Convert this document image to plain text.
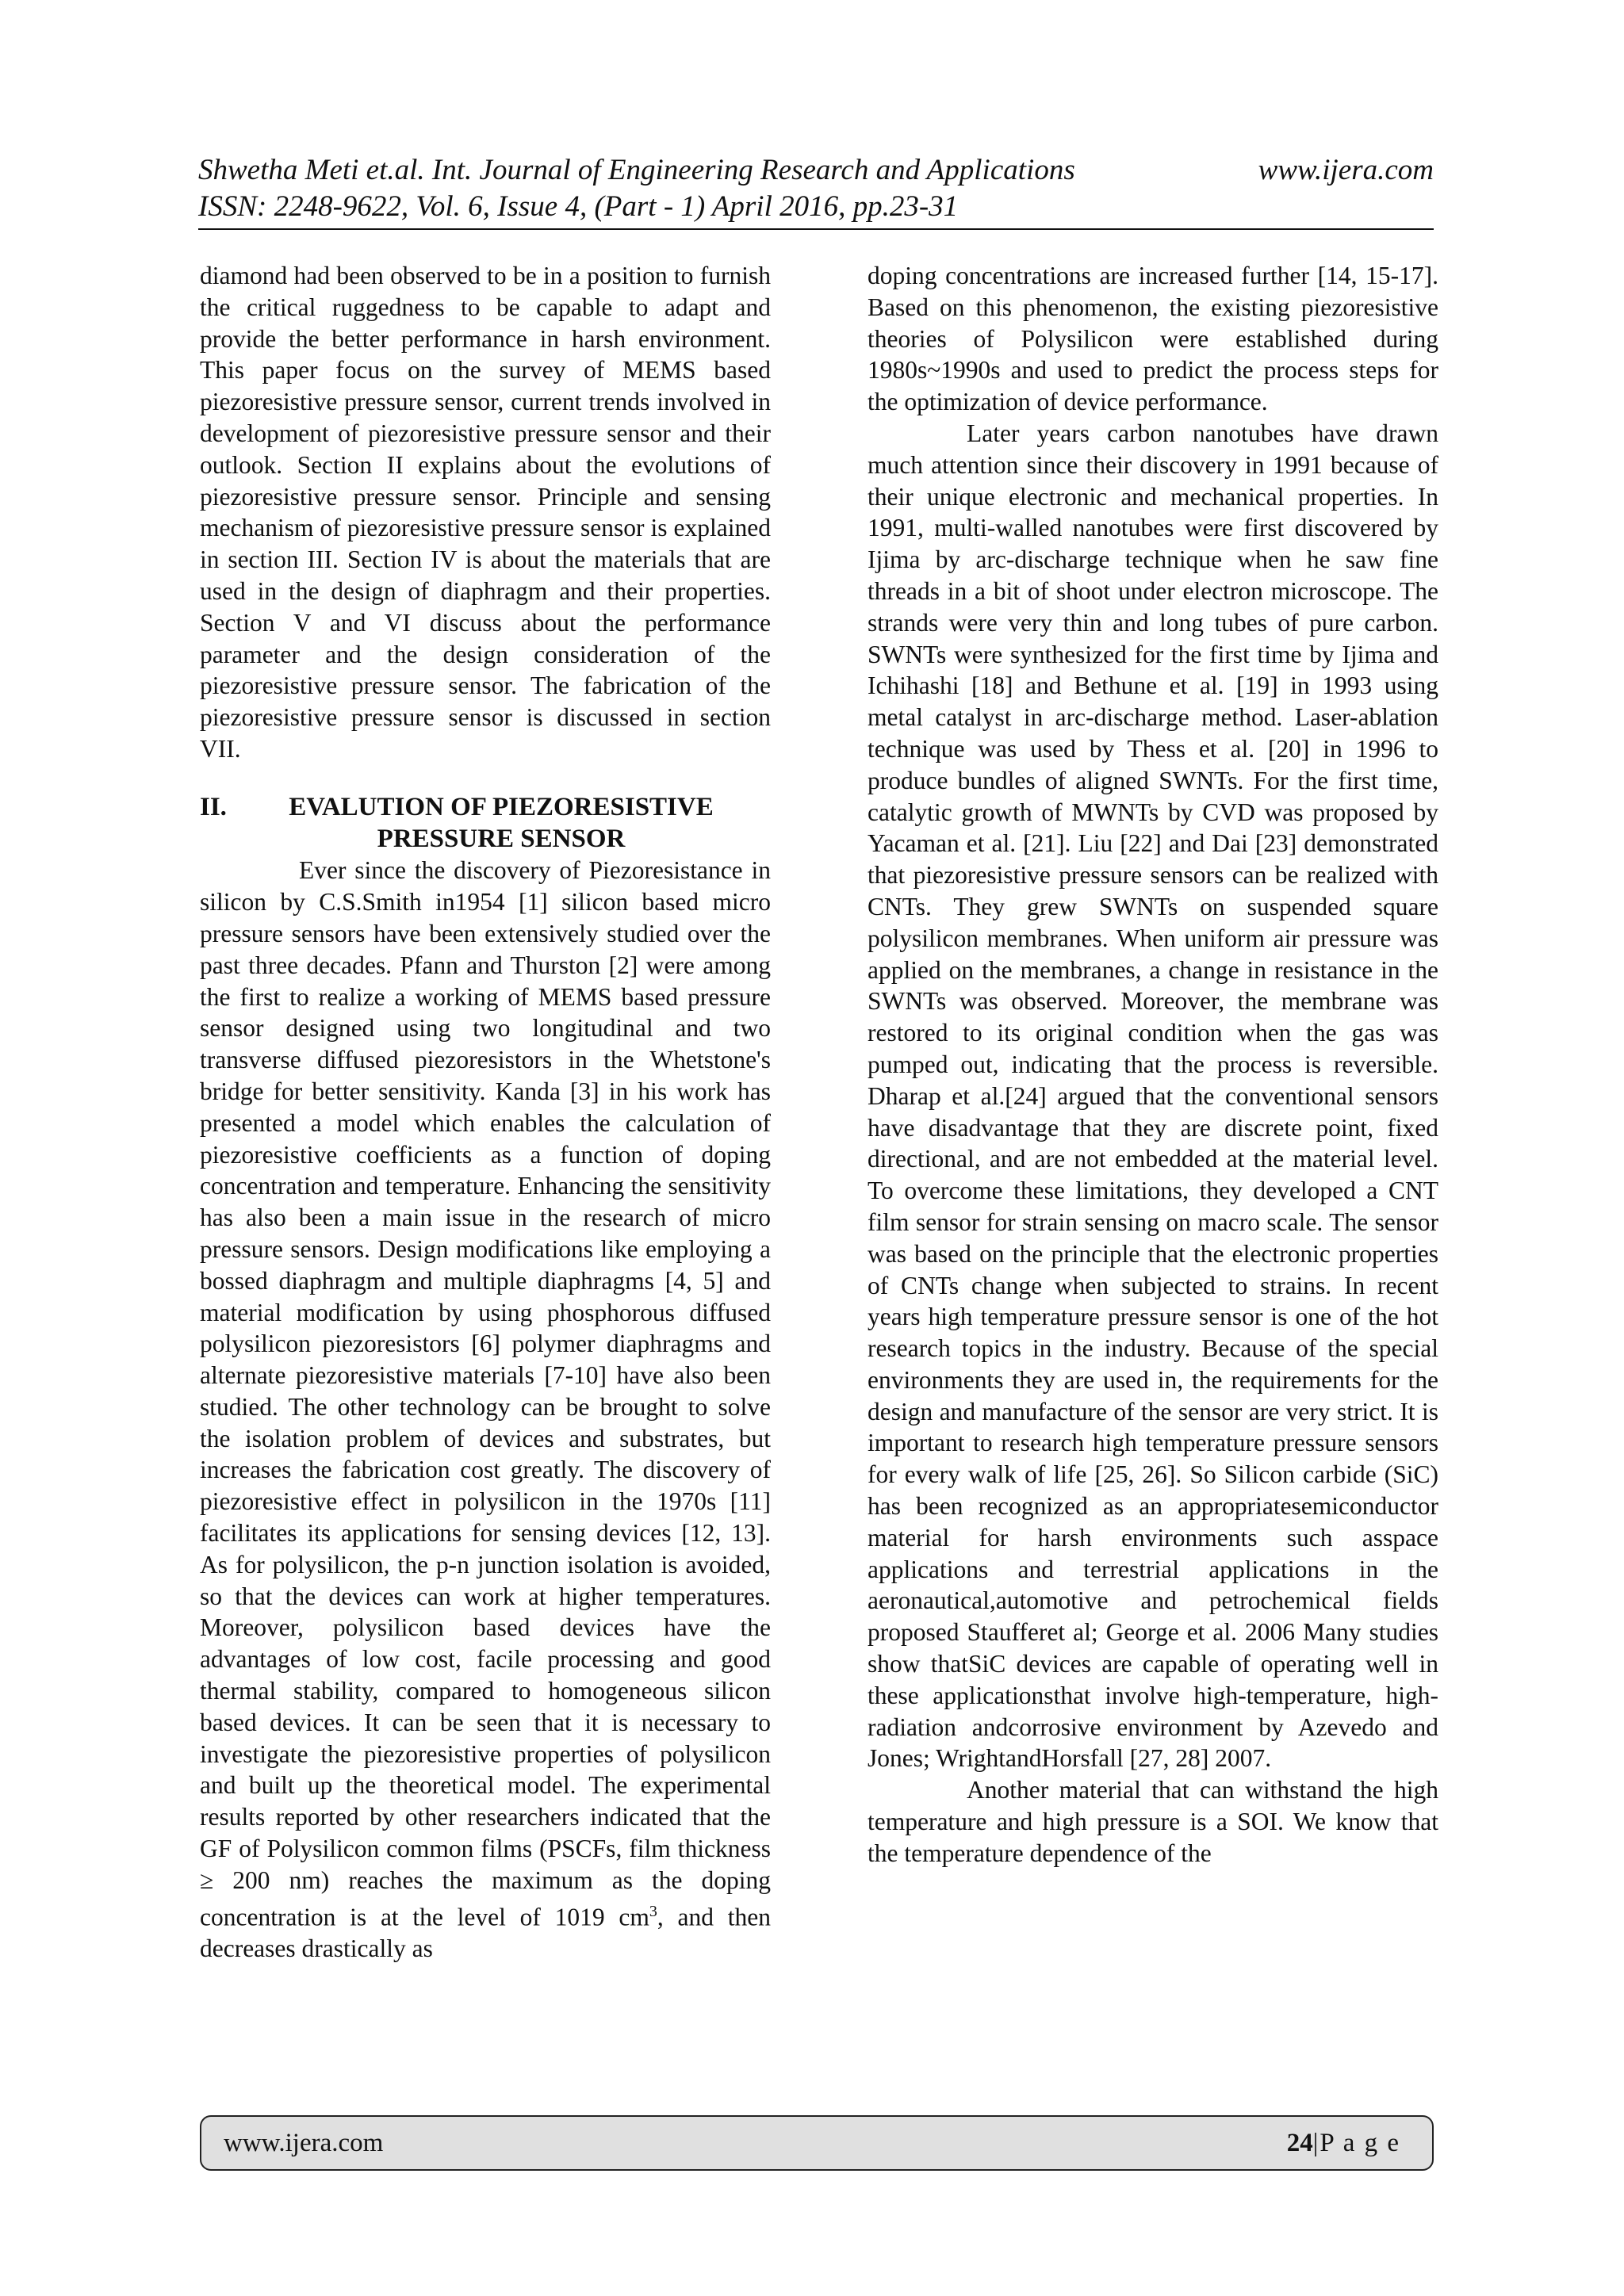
Shwetha Meti et.al. Int. Journal of Engineering Research and Applications	www.ijera.com
ISSN: 2248-9622, Vol. 6, Issue 4, (Part - 1) April 2016, pp.23-31

diamond had been observed to be in a position to furnish the critical ruggedness to be capable to adapt and provide the better performance in harsh environment. This paper focus on the survey of MEMS based piezoresistive pressure sensor, current trends involved in development of piezoresistive pressure sensor and their outlook. Section II explains about the evolutions of piezoresistive pressure sensor. Principle and sensing mechanism of piezoresistive pressure sensor is explained in section III. Section IV is about the materials that are used in the design of diaphragm and their properties. Section V and VI discuss about the performance parameter and the design consideration of the piezoresistive pressure sensor. The fabrication of the piezoresistive pressure sensor is discussed in section VII.

II. EVALUTION OF PIEZORESISTIVE
PRESSURE SENSOR

Ever since the discovery of Piezoresistance in silicon by C.S.Smith in1954 [1] silicon based micro pressure sensors have been extensively studied over the past three decades. Pfann and Thurston [2] were among the first to realize a working of MEMS based pressure sensor designed using two longitudinal and two transverse diffused piezoresistors in the Whetstone's bridge for better sensitivity. Kanda [3] in his work has presented a model which enables the calculation of piezoresistive coefficients as a function of doping concentration and temperature. Enhancing the sensitivity has also been a main issue in the research of micro pressure sensors. Design modifications like employing a bossed diaphragm and multiple diaphragms [4, 5] and material modification by using phosphorous diffused polysilicon piezoresistors [6] polymer diaphragms and alternate piezoresistive materials [7-10] have also been studied. The other technology can be brought to solve the isolation problem of devices and substrates, but increases the fabrication cost greatly. The discovery of piezoresistive effect in polysilicon in the 1970s [11] facilitates its applications for sensing devices [12, 13]. As for polysilicon, the p-n junction isolation is avoided, so that the devices can work at higher temperatures. Moreover, polysilicon based devices have the advantages of low cost, facile processing and good thermal stability, compared to homogeneous silicon based devices. It can be seen that it is necessary to investigate the piezoresistive properties of polysilicon and built up the theoretical model. The experimental results reported by other researchers indicated that the GF of Polysilicon common films (PSCFs, film thickness ≥ 200 nm) reaches the maximum as the doping concentration is at the level of 1019 $cm^3$, and then decreases drastically as

doping concentrations are increased further [14, 15-17]. Based on this phenomenon, the existing piezoresistive theories of Polysilicon were established during 1980s~1990s and used to predict the process steps for the optimization of device performance.

Later years carbon nanotubes have drawn much attention since their discovery in 1991 because of their unique electronic and mechanical properties. In 1991, multi-walled nanotubes were first discovered by Ijima by arc-discharge technique when he saw fine threads in a bit of shoot under electron microscope. The strands were very thin and long tubes of pure carbon. SWNTs were synthesized for the first time by Ijima and Ichihashi [18] and Bethune et al. [19] in 1993 using metal catalyst in arc-discharge method. Laser-ablation technique was used by Thess et al. [20] in 1996 to produce bundles of aligned SWNTs. For the first time, catalytic growth of MWNTs by CVD was proposed by Yacaman et al. [21]. Liu [22] and Dai [23] demonstrated that piezoresistive pressure sensors can be realized with CNTs. They grew SWNTs on suspended square polysilicon membranes. When uniform air pressure was applied on the membranes, a change in resistance in the SWNTs was observed. Moreover, the membrane was restored to its original condition when the gas was pumped out, indicating that the process is reversible. Dharap et al.[24] argued that the conventional sensors have disadvantage that they are discrete point, fixed directional, and are not embedded at the material level. To overcome these limitations, they developed a CNT film sensor for strain sensing on macro scale. The sensor was based on the principle that the electronic properties of CNTs change when subjected to strains. In recent years high temperature pressure sensor is one of the hot research topics in the industry. Because of the special environments they are used in, the requirements for the design and manufacture of the sensor are very strict. It is important to research high temperature pressure sensors for every walk of life [25, 26]. So Silicon carbide (SiC) has been recognized as an appropriatesemiconductor material for harsh environments such asspace applications and terrestrial applications in the aeronautical,automotive and petrochemical fields proposed Staufferet al; George et al. 2006 Many studies show thatSiC devices are capable of operating well in these applicationsthat involve high-temperature, high-radiation andcorrosive environment by Azevedo and Jones; WrightandHorsfall [27, 28] 2007.

Another material that can withstand the high temperature and high pressure is a SOI. We know that the temperature dependence of the

www.ijera.com	24|P a g e
